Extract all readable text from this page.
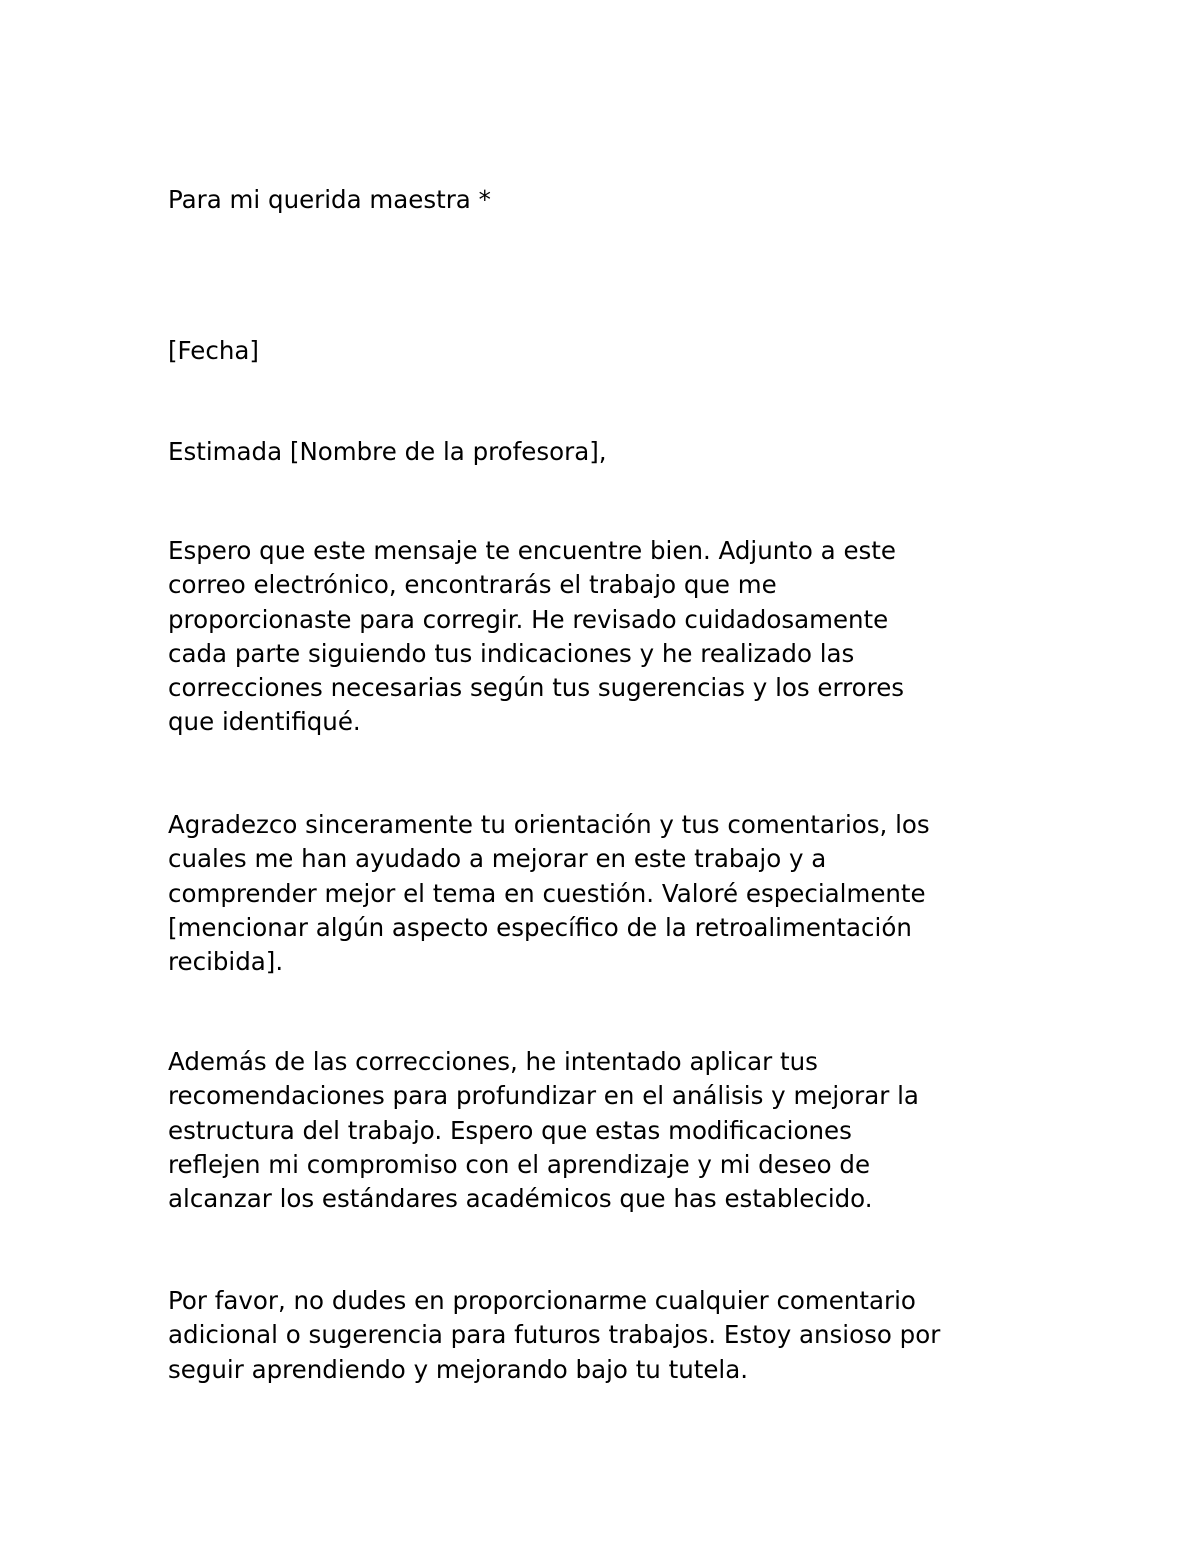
Para mi querida maestra *

[Fecha]

Estimada [Nombre de la profesora],

Espero que este mensaje te encuentre bien. Adjunto a este
correo electrónico, encontrarás el trabajo que me
proporcionaste para corregir. He revisado cuidadosamente
cada parte siguiendo tus indicaciones y he realizado las
correcciones necesarias según tus sugerencias y los errores
que identifiqué.
Agradezco sinceramente tu orientación y tus comentarios, los
cuales me han ayudado a mejorar en este trabajo y a
comprender mejor el tema en cuestión. Valoré especialmente
[mencionar algún aspecto específico de la retroalimentación
recibida].
Además de las correcciones, he intentado aplicar tus
recomendaciones para profundizar en el análisis y mejorar la
estructura del trabajo. Espero que estas modificaciones
reflejen mi compromiso con el aprendizaje y mi deseo de
alcanzar los estándares académicos que has establecido.
Por favor, no dudes en proporcionarme cualquier comentario
adicional o sugerencia para futuros trabajos. Estoy ansioso por
seguir aprendiendo y mejorando bajo tu tutela.
